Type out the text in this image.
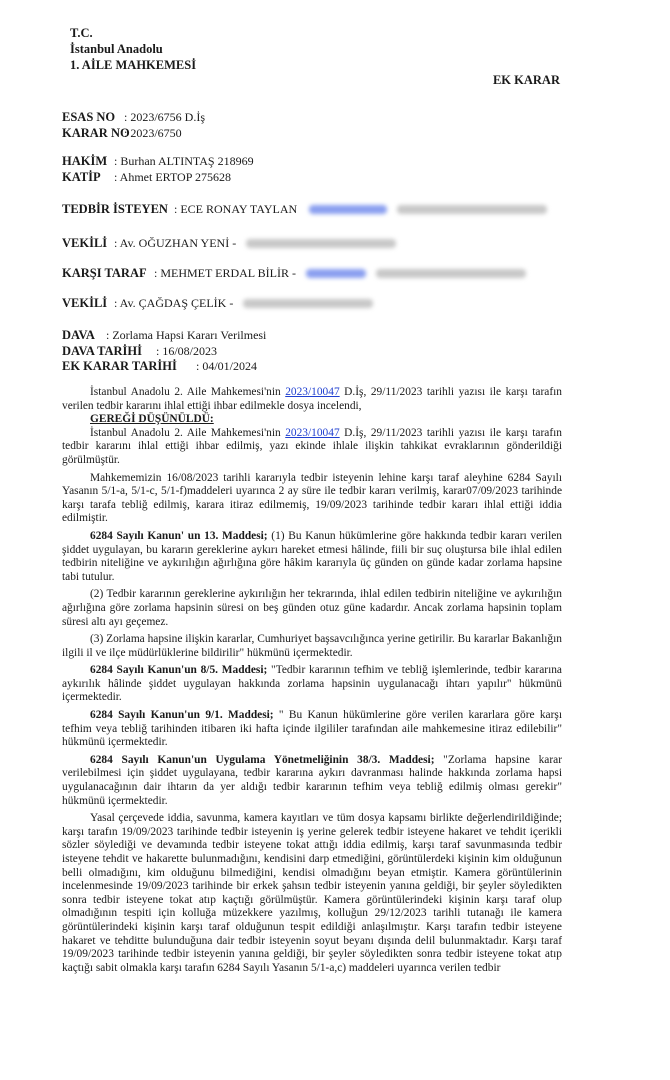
T.C.
İstanbul Anadolu
1. AİLE MAHKEMESİ
EK KARAR
ESAS NO : 2023/6756 D.İş
KARAR NO: 2023/6750
HAKİM : Burhan ALTINTAŞ 218969
KATİP : Ahmet ERTOP 275628
TEDBİR İSTEYEN : ECE RONAY TAYLAN
VEKİLİ : Av. OĞUZHAN YENİ -
KARŞI TARAF : MEHMET ERDAL BİLİR -
VEKİLİ : Av. ÇAĞDAŞ ÇELİK -
DAVA : Zorlama Hapsi Kararı Verilmesi
DAVA TARİHİ : 16/08/2023
EK KARAR TARİHİ : 04/01/2024

İstanbul Anadolu 2. Aile Mahkemesi'nin 2023/10047 D.İş, 29/11/2023 tarihli yazısı ile karşı tarafın verilen tedbir kararını ihlal ettiği ihbar edilmekle dosya incelendi,

GEREĞİ DÜŞÜNÜLDÜ:

İstanbul Anadolu 2. Aile Mahkemesi'nin 2023/10047 D.İş, 29/11/2023 tarihli yazısı ile karşı tarafın tedbir kararını ihlal ettiği ihbar edilmiş, yazı ekinde ihlale ilişkin tahkikat evraklarının gönderildiği görülmüştür.

Mahkememizin 16/08/2023 tarihli kararıyla tedbir isteyenin lehine karşı taraf aleyhine 6284 Sayılı Yasanın 5/1-a, 5/1-c, 5/1-f)maddeleri uyarınca 2 ay süre ile tedbir kararı verilmiş, karar07/09/2023 tarihinde karşı tarafa tebliğ edilmiş, karara itiraz edilmemiş, 19/09/2023 tarihinde tedbir kararı ihlal ettiği iddia edilmiştir.

6284 Sayılı Kanun' un 13. Maddesi; (1) Bu Kanun hükümlerine göre hakkında tedbir kararı verilen şiddet uygulayan, bu kararın gereklerine aykırı hareket etmesi hâlinde, fiili bir suç oluştursa bile ihlal edilen tedbirin niteliğine ve aykırılığın ağırlığına göre hâkim kararıyla üç günden on günde kadar zorlama hapsine tabi tutulur.

(2) Tedbir kararının gereklerine aykırılığın her tekrarında, ihlal edilen tedbirin niteliğine ve aykırılığın ağırlığına göre zorlama hapsinin süresi on beş günden otuz güne kadardır. Ancak zorlama hapsinin toplam süresi altı ayı geçemez.

(3) Zorlama hapsine ilişkin kararlar, Cumhuriyet başsavcılığınca yerine getirilir. Bu kararlar Bakanlığın ilgili il ve ilçe müdürlüklerine bildirilir" hükmünü içermektedir.

6284 Sayılı Kanun'un 8/5. Maddesi; "Tedbir kararının tefhim ve tebliğ işlemlerinde, tedbir kararına aykırılık hâlinde şiddet uygulayan hakkında zorlama hapsinin uygulanacağı ihtarı yapılır" hükmünü içermektedir.

6284 Sayılı Kanun'un 9/1. Maddesi; " Bu Kanun hükümlerine göre verilen kararlara göre karşı tefhim veya tebliğ tarihinden itibaren iki hafta içinde ilgililer tarafından aile mahkemesine itiraz edilebilir" hükmünü içermektedir.

6284 Sayılı Kanun'un Uygulama Yönetmeliğinin 38/3. Maddesi; "Zorlama hapsine karar verilebilmesi için şiddet uygulayana, tedbir kararına aykırı davranması halinde hakkında zorlama hapsi uygulanacağının dair ihtarın da yer aldığı tedbir kararının tefhim veya tebliğ edilmiş olması gerekir" hükmünü içermektedir.

Yasal çerçevede iddia, savunma, kamera kayıtları ve tüm dosya kapsamı birlikte değerlendirildiğinde; karşı tarafın 19/09/2023 tarihinde tedbir isteyenin iş yerine gelerek tedbir isteyene hakaret ve tehdit içerikli sözler söylediği ve devamında tedbir isteyene tokat attığı iddia edilmiş, karşı taraf savunmasında tedbir isteyene tehdit ve hakarette bulunmadığını, kendisini darp etmediğini, görüntülerdeki kişinin kim olduğunun belli olmadığını, kim olduğunu bilmediğini, kendisi olmadığını beyan etmiştir. Kamera görüntülerinin incelenmesinde 19/09/2023 tarihinde bir erkek şahsın tedbir isteyenin yanına geldiği, bir şeyler söyledikten sonra tedbir isteyene tokat atıp kaçtığı görülmüştür. Kamera görüntülerindeki kişinin karşı taraf olup olmadığının tespiti için kolluğa müzekkere yazılmış, kolluğun 29/12/2023 tarihli tutanağı ile kamera görüntülerindeki kişinin karşı taraf olduğunun tespit edildiği anlaşılmıştır. Karşı tarafın tedbir isteyene hakaret ve tehditte bulunduğuna dair tedbir isteyenin soyut beyanı dışında delil bulunmaktadır. Karşı taraf 19/09/2023 tarihinde tedbir isteyenin yanına geldiği, bir şeyler söyledikten sonra tedbir isteyene tokat atıp kaçtığı sabit olmakla karşı tarafın 6284 Sayılı Yasanın 5/1-a,c) maddeleri uyarınca verilen tedbir
